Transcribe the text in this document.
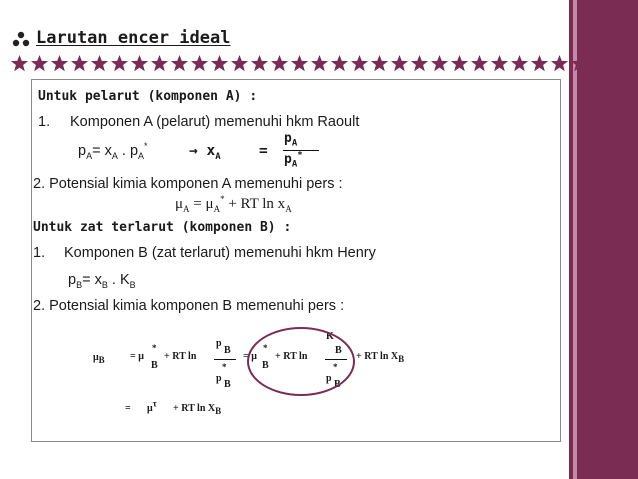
Larutan encer ideal
Untuk pelarut (komponen A) :
1. Komponen A (pelarut) memenuhi hkm Raoult
$p_A= x_A$ . $p_A^*$	→ $x_A$	=
$p_A$
$p_A^*$
2. Potensial kimia komponen A memenuhi pers :
$\mu_A = \mu_A^*$ + RT $\ln x_A$
Untuk zat terlarut (komponen B) :
1. Komponen B (zat terlarut) memenuhi hkm Henry
$p_B= x_B$ . $K_B$
2. Potensial kimia komponen B memenuhi pers :
$\mu_B$	= μ
*
B
+ RT ln
p
B
*
p
B
= μ
*
B
+ RT ln
K
B
*
p
B
+ RT $\ln X_B$
= $\mu^\tau$ + RT $\ln X_B$
